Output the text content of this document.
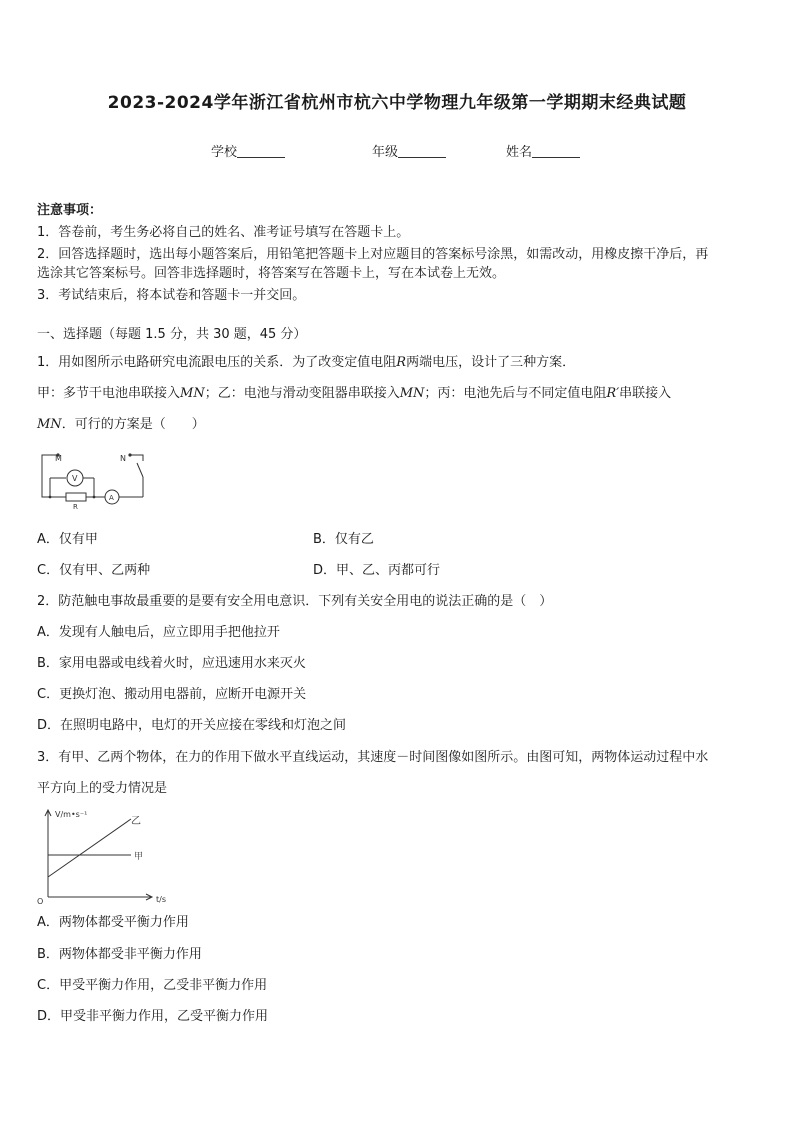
2023-2024学年浙江省杭州市杭六中学物理九年级第一学期期末经典试题
学校	年级	姓名
注意事项：
1．答卷前，考生务必将自己的姓名、准考证号填写在答题卡上。
2．回答选择题时，选出每小题答案后，用铅笔把答题卡上对应题目的答案标号涂黑，如需改动，用橡皮擦干净后，再
选涂其它答案标号。回答非选择题时，将答案写在答题卡上，写在本试卷上无效。
3．考试结束后，将本试卷和答题卡一并交回。
一、选择题（每题 1.5 分，共 30 题，45 分）
1．用如图所示电路研究电流跟电压的关系．为了改变定值电阻R两端电压，设计了三种方案．
甲：多节干电池串联接入MN；乙：电池与滑动变阻器串联接入MN；丙：电池先后与不同定值电阻R′串联接入
MN．可行的方案是（　　）
M	N
V
A
R
A．仅有甲	B．仅有乙
C．仅有甲、乙两种	D．甲、乙、丙都可行
2．防范触电事故最重要的是要有安全用电意识．下列有关安全用电的说法正确的是（　）
A．发现有人触电后，应立即用手把他拉开
B．家用电器或电线着火时，应迅速用水来灭火
C．更换灯泡、搬动用电器前，应断开电源开关
D．在照明电路中，电灯的开关应接在零线和灯泡之间
3．有甲、乙两个物体，在力的作用下做水平直线运动，其速度－时间图像如图所示。由图可知，两物体运动过程中水
平方向上的受力情况是
V/m•s⁻¹
t/s
O
乙
甲
A．两物体都受平衡力作用
B．两物体都受非平衡力作用
C．甲受平衡力作用，乙受非平衡力作用
D．甲受非平衡力作用，乙受平衡力作用
